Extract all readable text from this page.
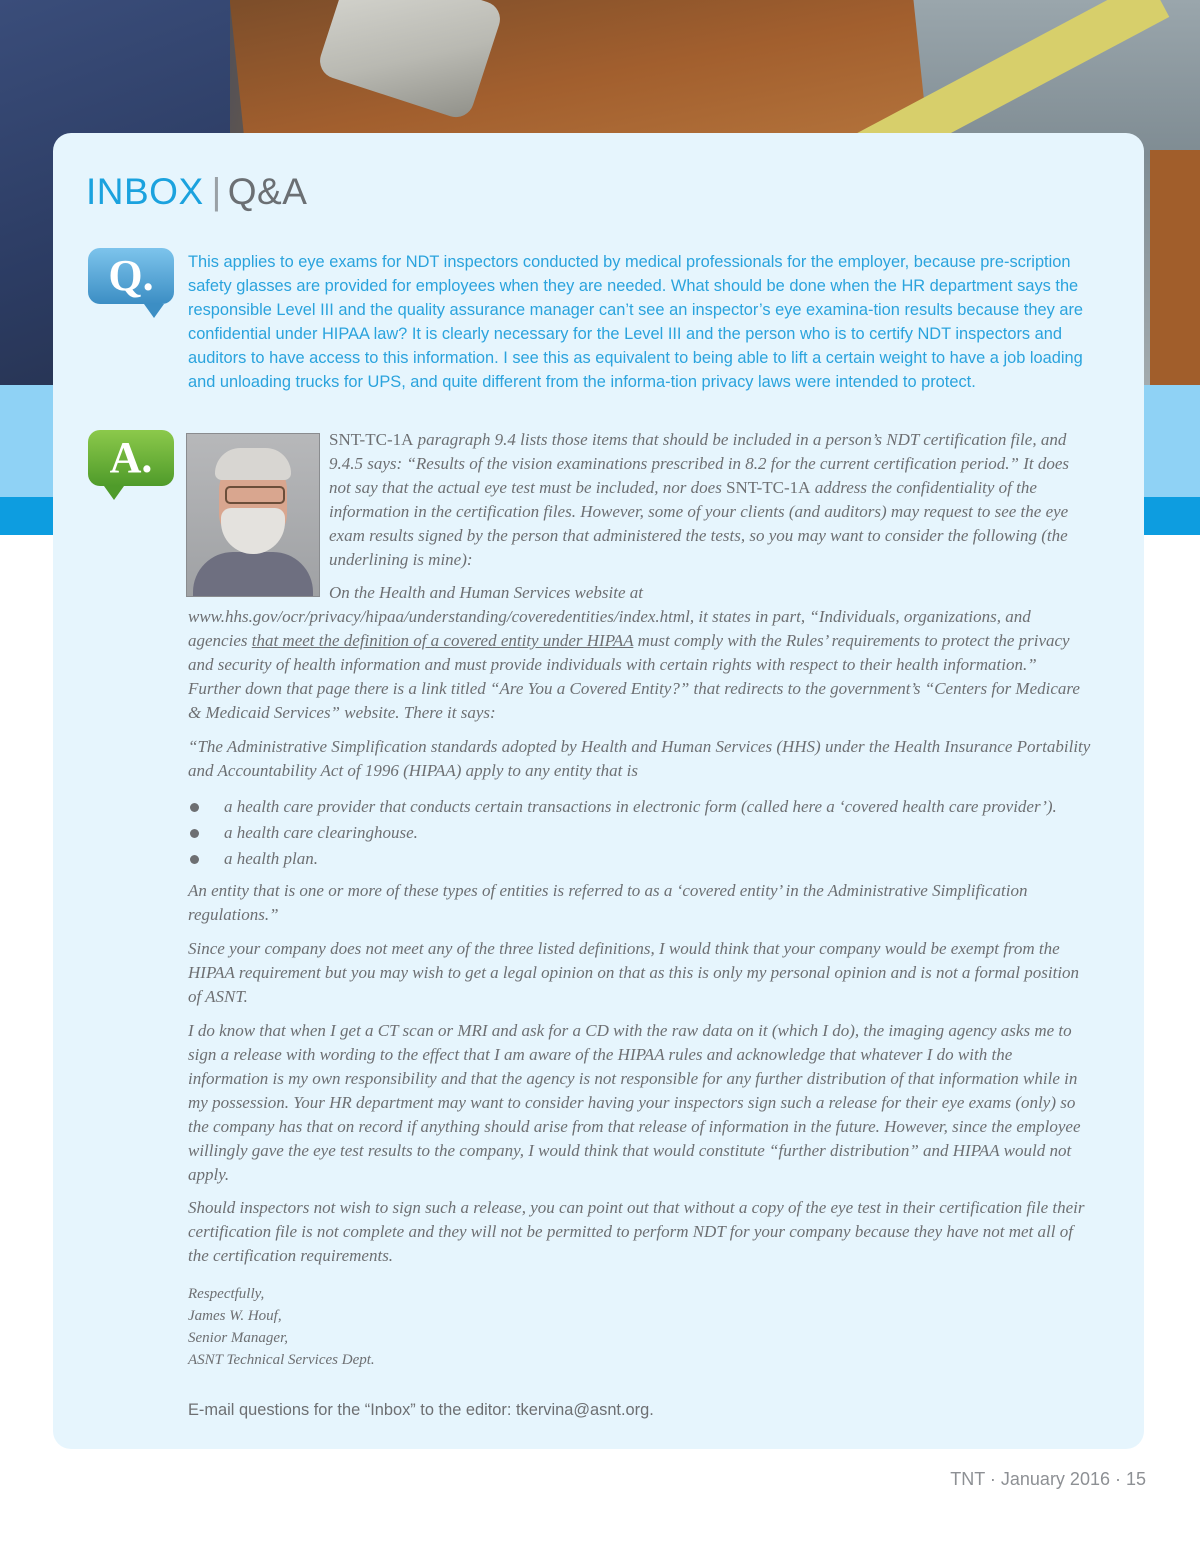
INBOX | Q&A
Q.	This applies to eye exams for NDT inspectors conducted by medical professionals for the employer, because pre-scription safety glasses are provided for employees when they are needed. What should be done when the HR department says the responsible Level III and the quality assurance manager can’t see an inspector’s eye examina-tion results because they are confidential under HIPAA law? It is clearly necessary for the Level III and the person who is to certify NDT inspectors and auditors to have access to this information. I see this as equivalent to being able to lift a certain weight to have a job loading and unloading trucks for UPS, and quite different from the informa-tion privacy laws were intended to protect.
A.	SNT-TC-1A paragraph 9.4 lists those items that should be included in a person’s NDT certification file, and 9.4.5 says: “Results of the vision examinations prescribed in 8.2 for the current certification period.” It does not say that the actual eye test must be included, nor does SNT-TC-1A address the confidentiality of the information in the certification files. However, some of your clients (and auditors) may request to see the eye exam results signed by the person that administered the tests, so you may want to consider the following (the underlining is mine):

On the Health and Human Services website at www.hhs.gov/ocr/privacy/hipaa/understanding/coveredentities/index.html, it states in part, “Individuals, organizations, and agencies that meet the definition of a covered entity under HIPAA must comply with the Rules’ requirements to protect the privacy and security of health information and must provide individuals with certain rights with respect to their health information.” Further down that page there is a link titled “Are You a Covered Entity?” that redirects to the government’s “Centers for Medicare & Medicaid Services” website. There it says:

“The Administrative Simplification standards adopted by Health and Human Services (HHS) under the Health Insurance Portability and Accountability Act of 1996 (HIPAA) apply to any entity that is

a health care provider that conducts certain transactions in electronic form (called here a ‘covered health care provider’).
a health care clearinghouse.
a health plan.

An entity that is one or more of these types of entities is referred to as a ‘covered entity’ in the Administrative Simplification regulations.”

Since your company does not meet any of the three listed definitions, I would think that your company would be exempt from the HIPAA requirement but you may wish to get a legal opinion on that as this is only my personal opinion and is not a formal position of ASNT.

I do know that when I get a CT scan or MRI and ask for a CD with the raw data on it (which I do), the imaging agency asks me to sign a release with wording to the effect that I am aware of the HIPAA rules and acknowledge that whatever I do with the information is my own responsibility and that the agency is not responsible for any further distribution of that information while in my possession. Your HR department may want to consider having your inspectors sign such a release for their eye exams (only) so the company has that on record if anything should arise from that release of information in the future. However, since the employee willingly gave the eye test results to the company, I would think that would constitute “further distribution” and HIPAA would not apply.

Should inspectors not wish to sign such a release, you can point out that without a copy of the eye test in their certification file their certification file is not complete and they will not be permitted to perform NDT for your company because they have not met all of the certification requirements.

Respectfully,
James W. Houf,
Senior Manager,
ASNT Technical Services Dept.
E-mail questions for the “Inbox” to the editor: tkervina@asnt.org.
TNT · January 2016 · 15
